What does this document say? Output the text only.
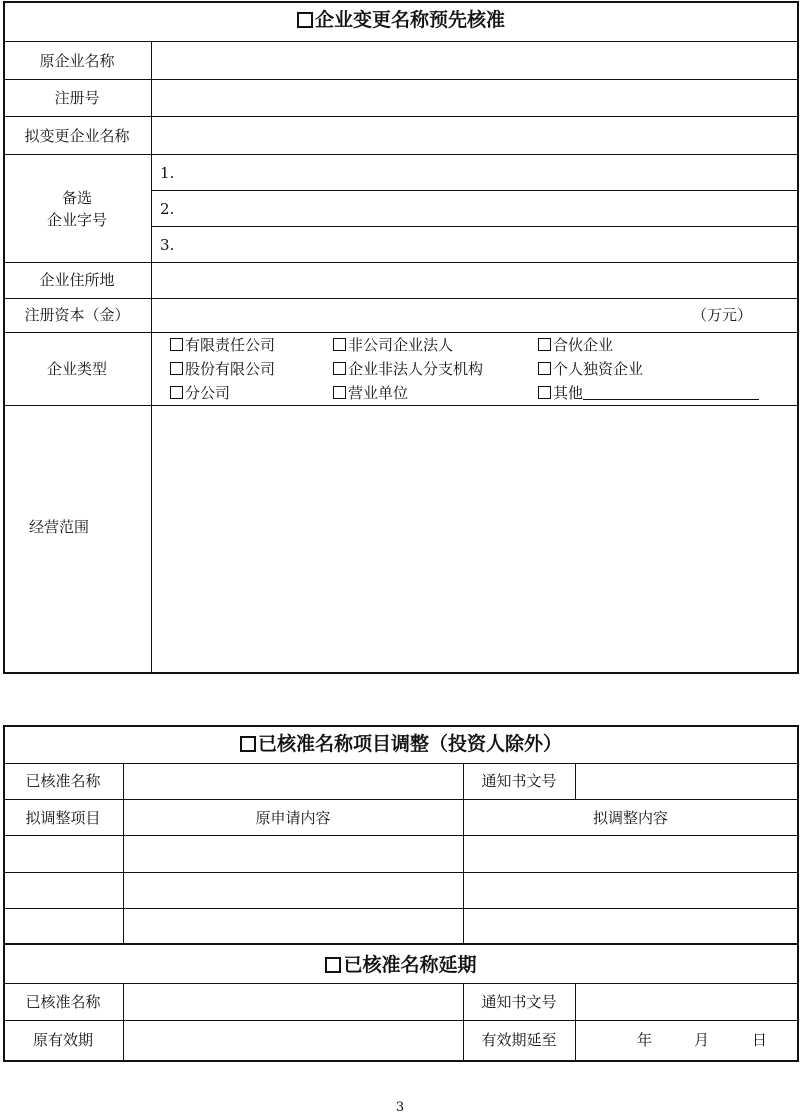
企业变更名称预先核准
原企业名称
注册号
拟变更企业名称
备选
企业字号
1.
2.
3.
企业住所地
注册资本（金）	（万元）
企业类型
有限责任公司	非公司企业法人	合伙企业
股份有限公司	企业非法人分支机构	个人独资企业
分公司	营业单位	其他
经营范围
已核准名称项目调整（投资人除外）
已核准名称	通知书文号
拟调整项目	原申请内容	拟调整内容
已核准名称延期
已核准名称	通知书文号
原有效期	有效期延至	年	月	日
3
